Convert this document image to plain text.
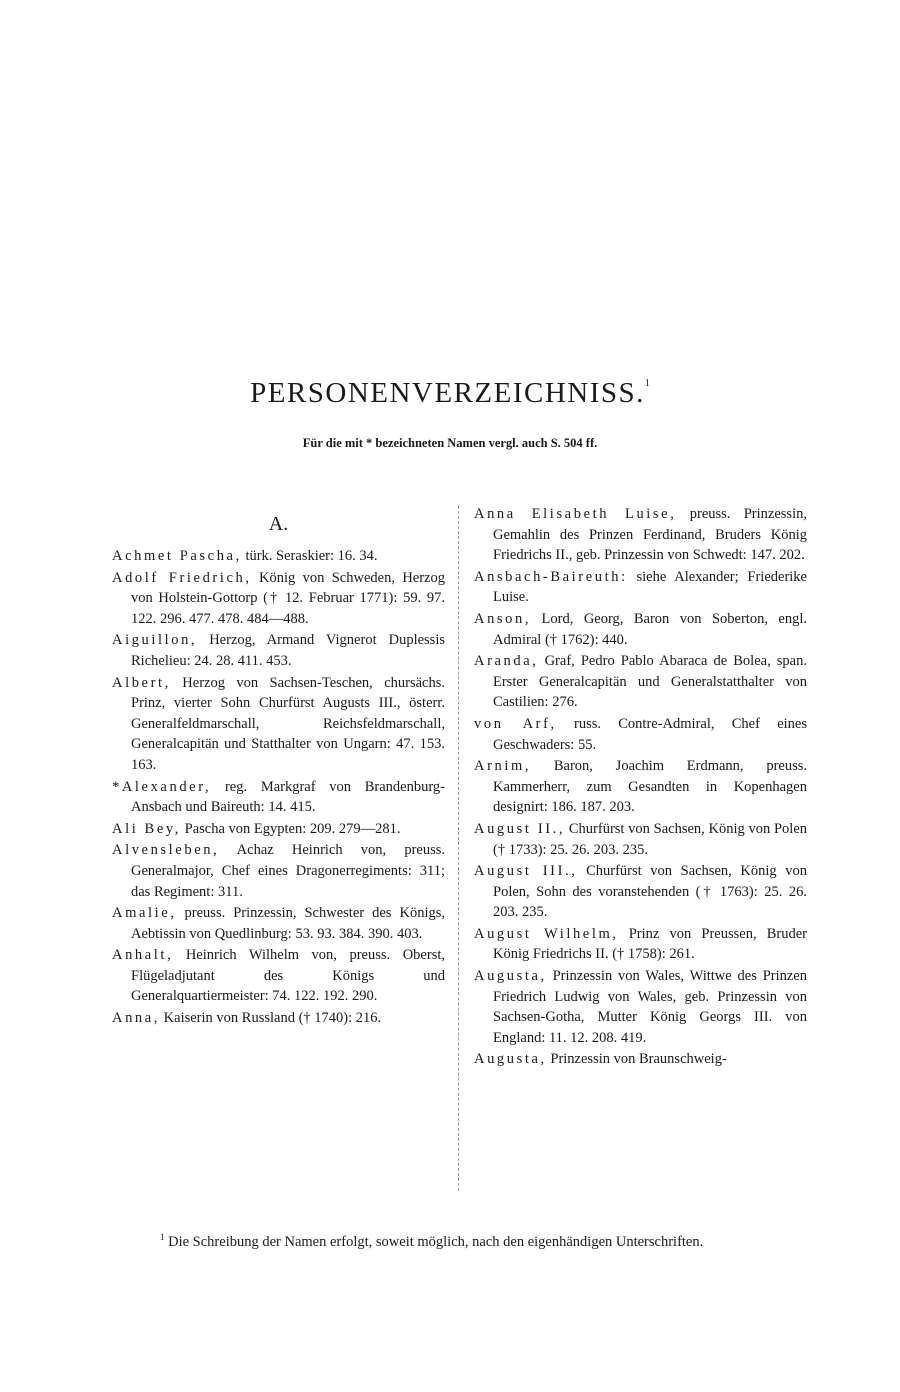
PERSONENVERZEICHNISS.$^1$
Für die mit * bezeichneten Namen vergl. auch S. 504 ff.
A.
Achmet Pascha, türk. Seraskier: 16. 34.
Adolf Friedrich, König von Schweden, Herzog von Holstein-Gottorp († 12. Februar 1771): 59. 97. 122. 296. 477. 478. 484—488.
Aiguillon, Herzog, Armand Vignerot Duplessis Richelieu: 24. 28. 411. 453.
Albert, Herzog von Sachsen-Teschen, chursächs. Prinz, vierter Sohn Churfürst Augusts III., österr. Generalfeldmarschall, Reichsfeldmarschall, Generalcapitän und Statthalter von Ungarn: 47. 153. 163.
*Alexander, reg. Markgraf von Brandenburg-Ansbach und Baireuth: 14. 415.
Ali Bey, Pascha von Egypten: 209. 279—281.
Alvensleben, Achaz Heinrich von, preuss. Generalmajor, Chef eines Dragonerregiments: 311; das Regiment: 311.
Amalie, preuss. Prinzessin, Schwester des Königs, Aebtissin von Quedlinburg: 53. 93. 384. 390. 403.
Anhalt, Heinrich Wilhelm von, preuss. Oberst, Flügeladjutant des Königs und Generalquartiermeister: 74. 122. 192. 290.
Anna, Kaiserin von Russland († 1740): 216.
Anna Elisabeth Luise, preuss. Prinzessin, Gemahlin des Prinzen Ferdinand, Bruders König Friedrichs II., geb. Prinzessin von Schwedt: 147. 202.
Ansbach-Baireuth: siehe Alexander; Friederike Luise.
Anson, Lord, Georg, Baron von Soberton, engl. Admiral († 1762): 440.
Aranda, Graf, Pedro Pablo Abaraca de Bolea, span. Erster Generalcapitän und Generalstatthalter von Castilien: 276.
von Arf, russ. Contre-Admiral, Chef eines Geschwaders: 55.
Arnim, Baron, Joachim Erdmann, preuss. Kammerherr, zum Gesandten in Kopenhagen designirt: 186. 187. 203.
August II., Churfürst von Sachsen, König von Polen († 1733): 25. 26. 203. 235.
August III., Churfürst von Sachsen, König von Polen, Sohn des voranstehenden († 1763): 25. 26. 203. 235.
August Wilhelm, Prinz von Preussen, Bruder König Friedrichs II. († 1758): 261.
Augusta, Prinzessin von Wales, Wittwe des Prinzen Friedrich Ludwig von Wales, geb. Prinzessin von Sachsen-Gotha, Mutter König Georgs III. von England: 11. 12. 208. 419.
Augusta, Prinzessin von Braunschweig-
$^1$ Die Schreibung der Namen erfolgt, soweit möglich, nach den eigenhändigen Unterschriften.
